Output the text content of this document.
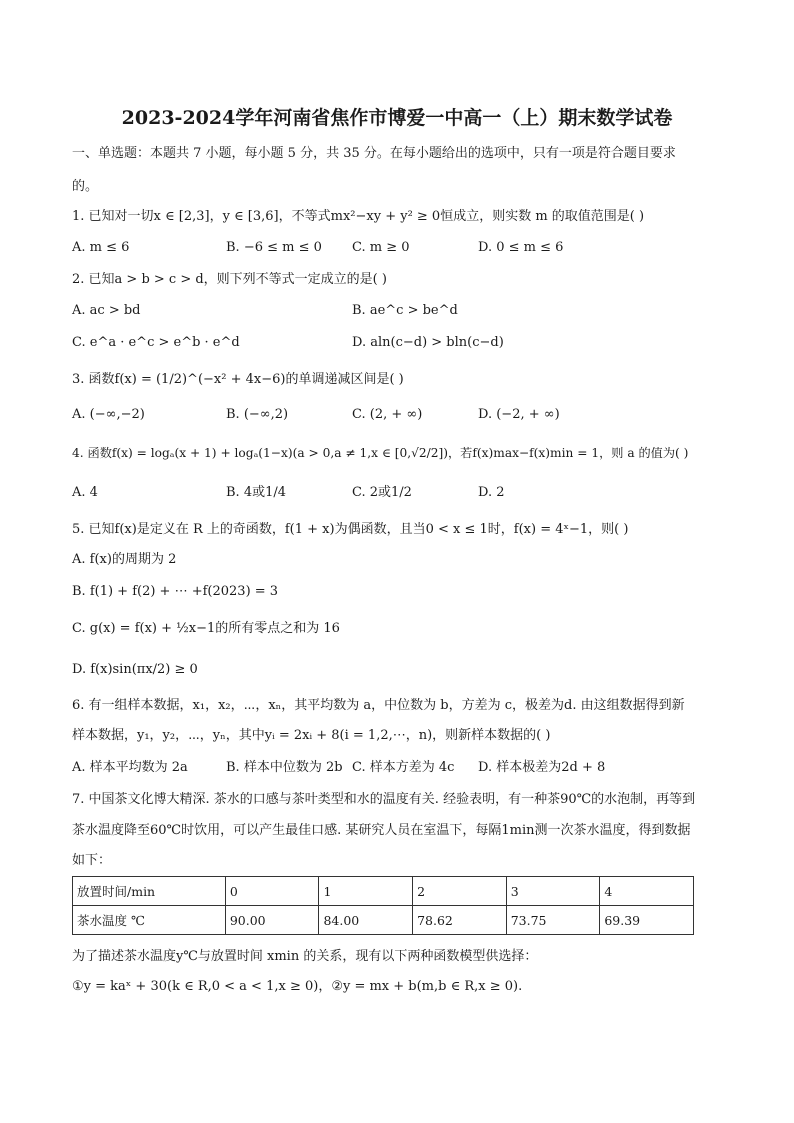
2023-2024学年河南省焦作市博爱一中高一（上）期末数学试卷
一、单选题：本题共 7 小题，每小题 5 分，共 35 分。在每小题给出的选项中，只有一项是符合题目要求
的。
1. 已知对一切x ∈ [2,3]，y ∈ [3,6]，不等式mx²−xy + y² ≥ 0恒成立，则实数 m 的取值范围是( )
A. m ≤ 6	B. −6 ≤ m ≤ 0 C. m ≥ 0	D. 0 ≤ m ≤ 6
2. 已知a > b > c > d，则下列不等式一定成立的是( )
A. ac > bd	B. ae^c > be^d
C. e^a · e^c > e^b · e^d	D. aln(c−d) > bln(c−d)
3. 函数f(x) = (1/2)^(−x² + 4x−6)的单调递减区间是( )
A. (−∞,−2)	B. (−∞,2)	C. (2, + ∞)	D. (−2, + ∞)
4. 函数f(x) = logₐ(x + 1) + logₐ(1−x)(a > 0,a ≠ 1,x ∈ [0,√2/2])，若f(x)max−f(x)min = 1，则 a 的值为( )
A. 4	B. 4或1/4	C. 2或1/2	D. 2
5. 已知f(x)是定义在 R 上的奇函数，f(1 + x)为偶函数，且当0 < x ≤ 1时，f(x) = 4ˣ−1，则( )
A. f(x)的周期为 2
B. f(1) + f(2) + ⋯ +f(2023) = 3
C. g(x) = f(x) + ½x−1的所有零点之和为 16
D. f(x)sin(πx/2) ≥ 0
6. 有一组样本数据，x₁，x₂，⋯，xₙ，其平均数为 a，中位数为 b，方差为 c，极差为d. 由这组数据得到新
样本数据，y₁，y₂，⋯，yₙ，其中yᵢ = 2xᵢ + 8(i = 1,2,⋯，n)，则新样本数据的( )
A. 样本平均数为 2a	B. 样本中位数为 2b C. 样本方差为 4c D. 样本极差为2d + 8
7. 中国茶文化博大精深. 茶水的口感与茶叶类型和水的温度有关. 经验表明，有一种茶90℃的水泡制，再等到
茶水温度降至60℃时饮用，可以产生最佳口感. 某研究人员在室温下，每隔1min测一次茶水温度，得到数据
如下：
放置时间/min	0	1	2	3	4
茶水温度 ℃	90.00	84.00	78.62	73.75	69.39
为了描述茶水温度y℃与放置时间 xmin 的关系，现有以下两种函数模型供选择：
①y = kaˣ + 30(k ∈ R,0 < a < 1,x ≥ 0)，②y = mx + b(m,b ∈ R,x ≥ 0).
